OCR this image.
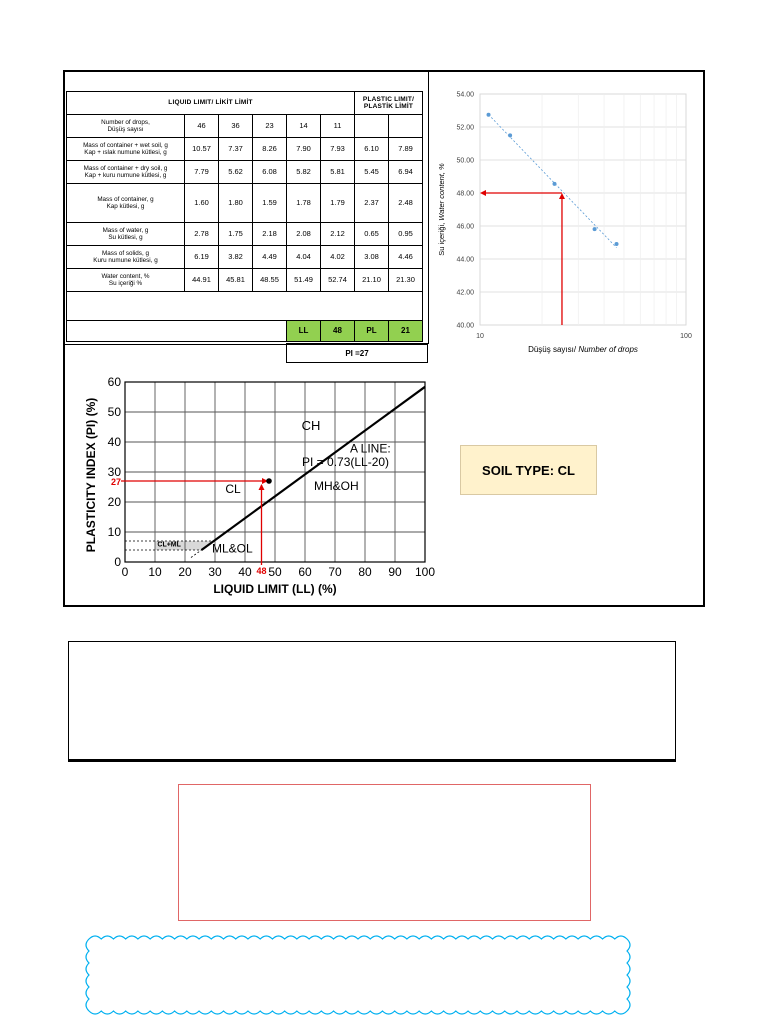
LIQUID LIMIT/ LİKİT LİMİT						PLASTIC LIMIT/
PLASTİK LİMİT	
Number of drops,
Düşüş sayısı	46	36	23	14	11		
Mass of container + wet soil, g
Kap + ıslak numune kütlesi, g	10.57	7.37	8.26	7.90	7.93	6.10	7.89
Mass of container + dry soil, g
Kap + kuru numune kütlesi, g	7.79	5.62	6.08	5.82	5.81	5.45	6.94
Mass of container, g
Kap kütlesi, g	1.60	1.80	1.59	1.78	1.79	2.37	2.48
Mass of water, g
Su kütlesi, g	2.78	1.75	2.18	2.08	2.12	0.65	0.95
Mass of solids, g
Kuru numune kütlesi, g	6.19	3.82	4.49	4.04	4.02	3.08	4.46
Water content, %
Su içeriği %	44.91	45.81	48.55	51.49	52.74	21.10	21.30

				LL	48	PL	21
PI =27
54.00
52.00
50.00
48.00
46.00
44.00
42.00
40.00
10	100
Düşüş sayısı/ Number of drops
Su içeriği, Water content, %
0 10 20 30 40 50 60 70 80 90 100
0
10
20
30
40
50
60
CH
CL	MH&OH
ML&OL
CL+ML
A LINE:
PI = 0.73(LL-20)
27
48
LIQUID LIMIT (LL) (%)
PLASTICITY INDEX (PI) (%)	SOIL TYPE: CL
